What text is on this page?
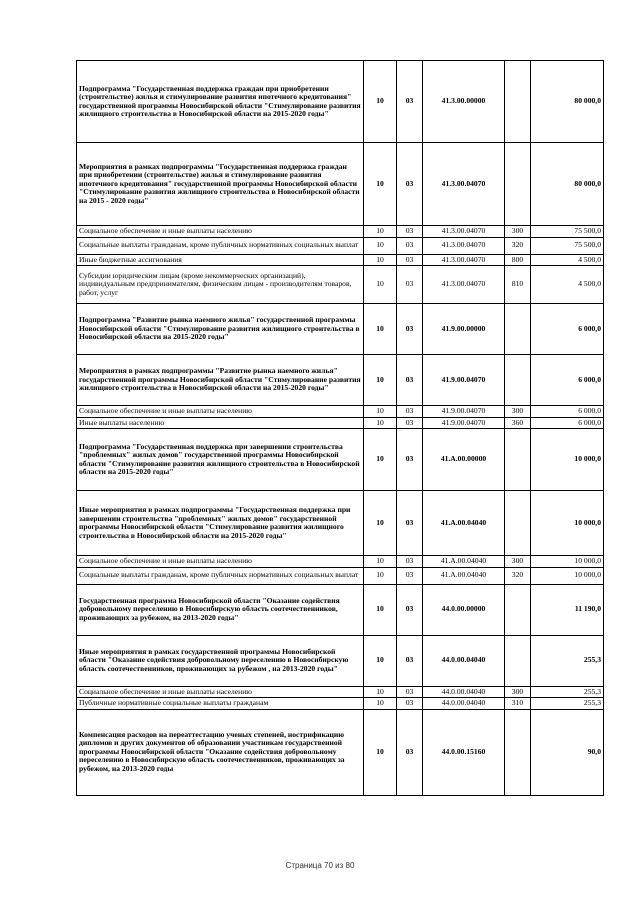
Подпрограмма "Государственная поддержка граждан при приобретении (строительстве) жилья и стимулирование развития ипотечного кредитования" государственной программы Новосибирской области "Стимулирование развития жилищного строительства в Новосибирской области на 2015-2020 годы"	10	03	41.3.00.00000		80 000,0
Мероприятия в рамках подпрограммы "Государственная поддержка граждан при приобретении (строительстве) жилья и стимулирование развития ипотечного кредитования" государственной программы Новосибирской области "Стимулирование развития жилищного строительства в Новосибирской области на 2015 - 2020 годы"	10	03	41.3.00.04070		80 000,0
Социальное обеспечение и иные выплаты населению	10	03	41.3.00.04070	300	75 500,0
Социальные выплаты гражданам, кроме публичных нормативных социальных выплат	10	03	41.3.00.04070	320	75 500,0
Иные бюджетные ассигнования	10	03	41.3.00.04070	800	4 500,0
Субсидии юридическим лицам (кроме некоммерческих организаций), индивидуальным предпринимателям, физическим лицам - производителям товаров, работ, услуг	10	03	41.3.00.04070	810	4 500,0
Подпрограмма "Развитие рынка наемного жилья" государственной программы Новосибирской области "Стимулирование развития жилищного строительства в Новосибирской области на 2015-2020 годы"	10	03	41.9.00.00000		6 000,0
Мероприятия в рамках подпрограммы "Развитие рынка наемного жилья" государственной программы Новосибирской области "Стимулирование развития жилищного строительства в Новосибирской области на 2015-2020 годы"	10	03	41.9.00.04070		6 000,0
Социальное обеспечение и иные выплаты населению	10	03	41.9.00.04070	300	6 000,0
Иные выплаты населению	10	03	41.9.00.04070	360	6 000,0
Подпрограмма "Государственная поддержка при завершении строительства "проблемных" жилых домов" государственной программы Новосибирской области "Стимулирование развития жилищного строительства в Новосибирской области на 2015-2020 годы"	10	03	41.А.00.00000		10 000,0
Иные мероприятия в рамках подпрограммы "Государственная поддержка при завершении строительства "проблемных" жилых домов" государственной программы Новосибирской области "Стимулирование развития жилищного строительства в Новосибирской области на 2015-2020 годы"	10	03	41.А.00.04040		10 000,0
Социальное обеспечение и иные выплаты населению	10	03	41.А.00.04040	300	10 000,0
Социальные выплаты гражданам, кроме публичных нормативных социальных выплат	10	03	41.А.00.04040	320	10 000,0
Государственная программа Новосибирской области "Оказание содействия добровольному переселению в Новосибирскую область соотечественников, проживающих за рубежом, на 2013-2020 годы"	10	03	44.0.00.00000		11 190,0
Иные мероприятия в рамках государственной программы Новосибирской области "Оказание содействия добровольному переселению в Новосибирскую область соотечественников, проживающих за рубежом , на 2013-2020 годы"	10	03	44.0.00.04040		255,3
Социальное обеспечение и иные выплаты населению	10	03	44.0.00.04040	300	255,3
Публичные нормативные социальные выплаты гражданам	10	03	44.0.00.04040	310	255,3
Компенсация расходов на переаттестацию ученых степеней, нострификацию дипломов и других документов об образовании участникам государственной программы Новосибирской области "Оказание содействия добровольному переселению в Новосибирскую область соотечественников, проживающих за рубежом, на 2013-2020 годы	10	03	44.0.00.15160		90,0
Страница 70 из 80
